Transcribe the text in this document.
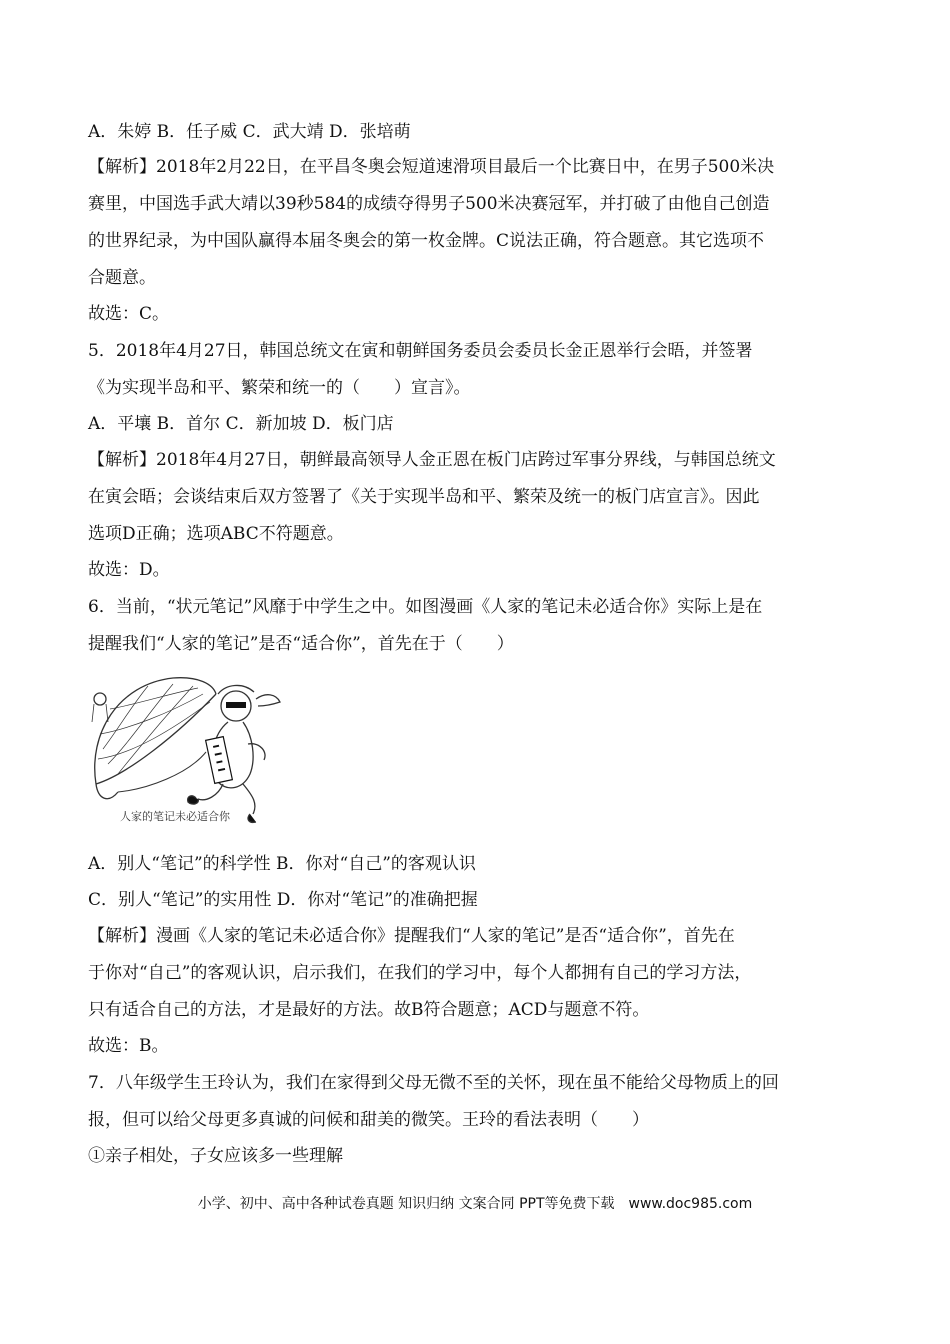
A．朱婷 B．任子威 C．武大靖 D．张培萌
【解析】2018年2月22日，在平昌冬奥会短道速滑项目最后一个比赛日中，在男子500米决
赛里，中国选手武大靖以39秒584的成绩夺得男子500米决赛冠军，并打破了由他自己创造
的世界纪录，为中国队赢得本届冬奥会的第一枚金牌。C说法正确，符合题意。其它选项不
合题意。
故选：C。
5．2018年4月27日，韩国总统文在寅和朝鲜国务委员会委员长金正恩举行会晤，并签署
《为实现半岛和平、繁荣和统一的（　　）宣言》。
A．平壤 B．首尔 C．新加坡 D．板门店
【解析】2018年4月27日，朝鲜最高领导人金正恩在板门店跨过军事分界线，与韩国总统文
在寅会晤；会谈结束后双方签署了《关于实现半岛和平、繁荣及统一的板门店宣言》。因此
选项D正确；选项ABC不符题意。
故选：D。
6．当前，“状元笔记”风靡于中学生之中。如图漫画《人家的笔记未必适合你》实际上是在
提醒我们“人家的笔记”是否“适合你”，首先在于（　　）
人家的笔记未必适合你
A．别人“笔记”的科学性 B．你对“自己”的客观认识
C．别人“笔记”的实用性 D．你对“笔记”的准确把握
【解析】漫画《人家的笔记未必适合你》提醒我们“人家的笔记”是否“适合你”，首先在
于你对“自己”的客观认识，启示我们，在我们的学习中，每个人都拥有自己的学习方法，
只有适合自己的方法，才是最好的方法。故B符合题意；ACD与题意不符。
故选：B。
7．八年级学生王玲认为，我们在家得到父母无微不至的关怀，现在虽不能给父母物质上的回
报，但可以给父母更多真诚的问候和甜美的微笑。王玲的看法表明（　　）
①亲子相处，子女应该多一些理解
小学、初中、高中各种试卷真题 知识归纳 文案合同 PPT等免费下载　www.doc985.com
